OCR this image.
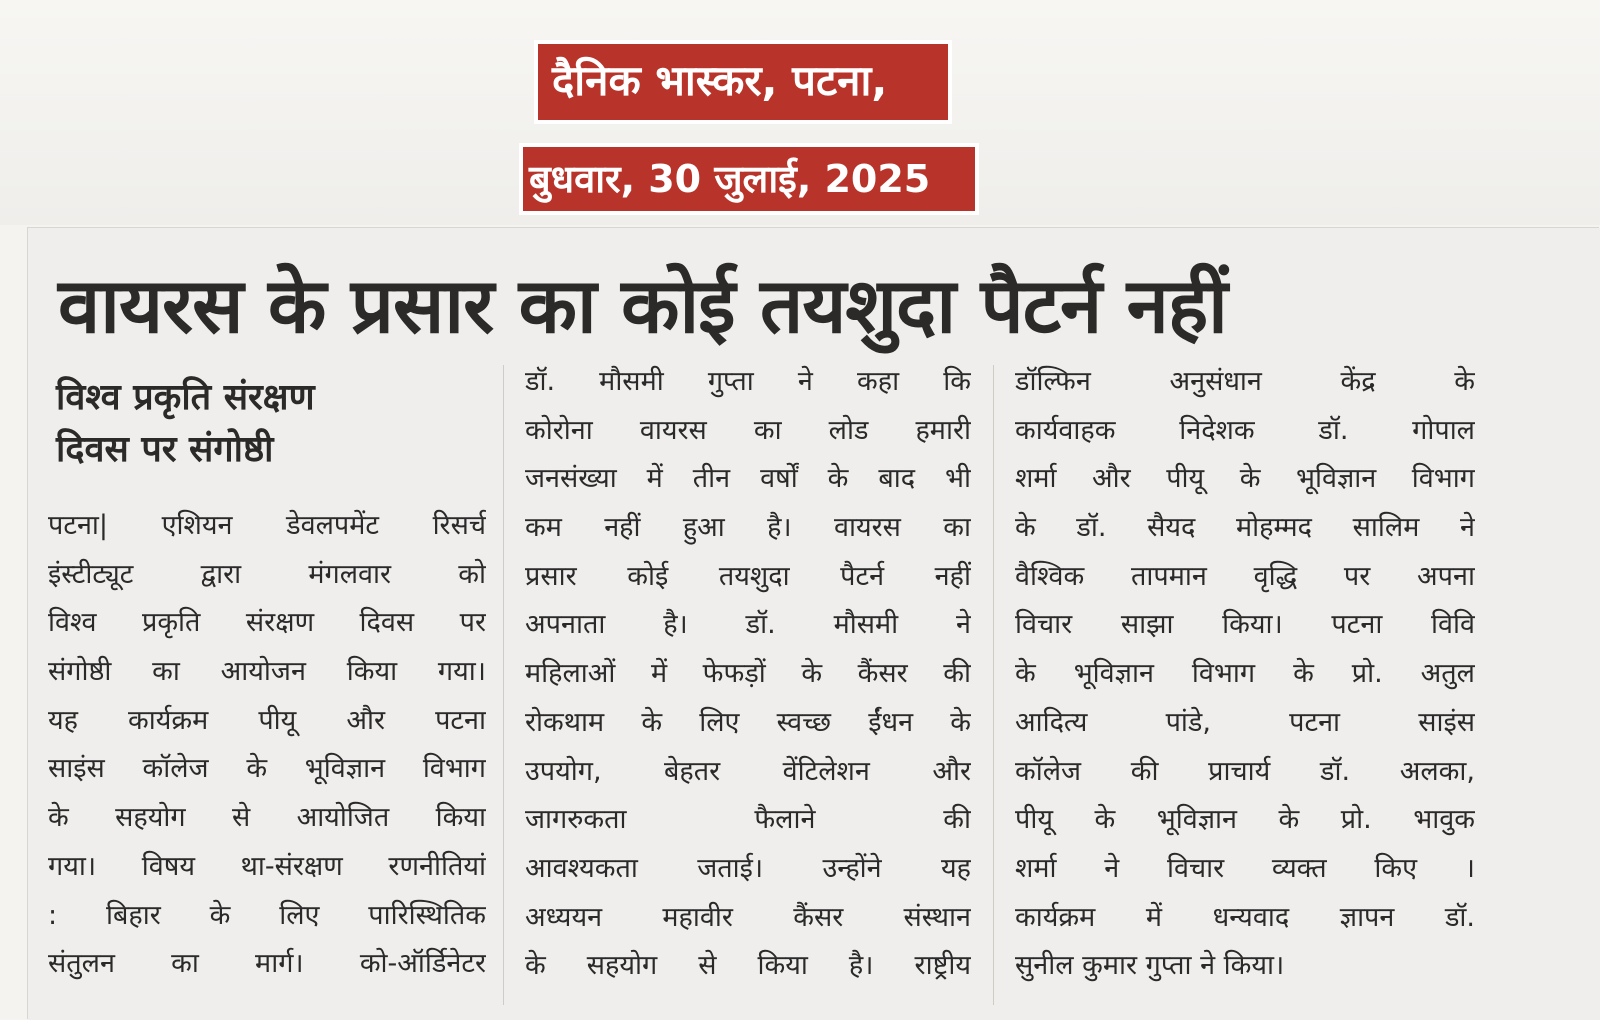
दैनिक भास्कर, पटना,
बुधवार, 30 जुलाई, 2025
वायरस के प्रसार का कोई तयशुदा पैटर्न नहीं
विश्व प्रकृति संरक्षण
दिवस पर संगोष्ठी
पटना| एशियन डेवलपमेंट रिसर्च
इंस्टीट्यूट द्वारा मंगलवार को
विश्व प्रकृति संरक्षण दिवस पर
संगोष्ठी का आयोजन किया गया।
यह कार्यक्रम पीयू और पटना
साइंस कॉलेज के भूविज्ञान विभाग
के सहयोग से आयोजित किया
गया। विषय था-संरक्षण रणनीतियां
: बिहार के लिए पारिस्थितिक
संतुलन का मार्ग। को-ऑर्डिनेटर
डॉ. मौसमी गुप्ता ने कहा कि
कोरोना वायरस का लोड हमारी
जनसंख्या में तीन वर्षों के बाद भी
कम नहीं हुआ है। वायरस का
प्रसार कोई तयशुदा पैटर्न नहीं
अपनाता है। डॉ. मौसमी ने
महिलाओं में फेफड़ों के कैंसर की
रोकथाम के लिए स्वच्छ ईंधन के
उपयोग, बेहतर वेंटिलेशन और
जागरुकता फैलाने की
आवश्यकता जताई। उन्होंने यह
अध्ययन महावीर कैंसर संस्थान
के सहयोग से किया है। राष्ट्रीय
डॉल्फिन अनुसंधान केंद्र के
कार्यवाहक निदेशक डॉ. गोपाल
शर्मा और पीयू के भूविज्ञान विभाग
के डॉ. सैयद मोहम्मद सालिम ने
वैश्विक तापमान वृद्धि पर अपना
विचार साझा किया। पटना विवि
के भूविज्ञान विभाग के प्रो. अतुल
आदित्य पांडे, पटना साइंस
कॉलेज की प्राचार्य डॉ. अलका,
पीयू के भूविज्ञान के प्रो. भावुक
शर्मा ने विचार व्यक्त किए ।
कार्यक्रम में धन्यवाद ज्ञापन डॉ.
सुनील कुमार गुप्ता ने किया।
